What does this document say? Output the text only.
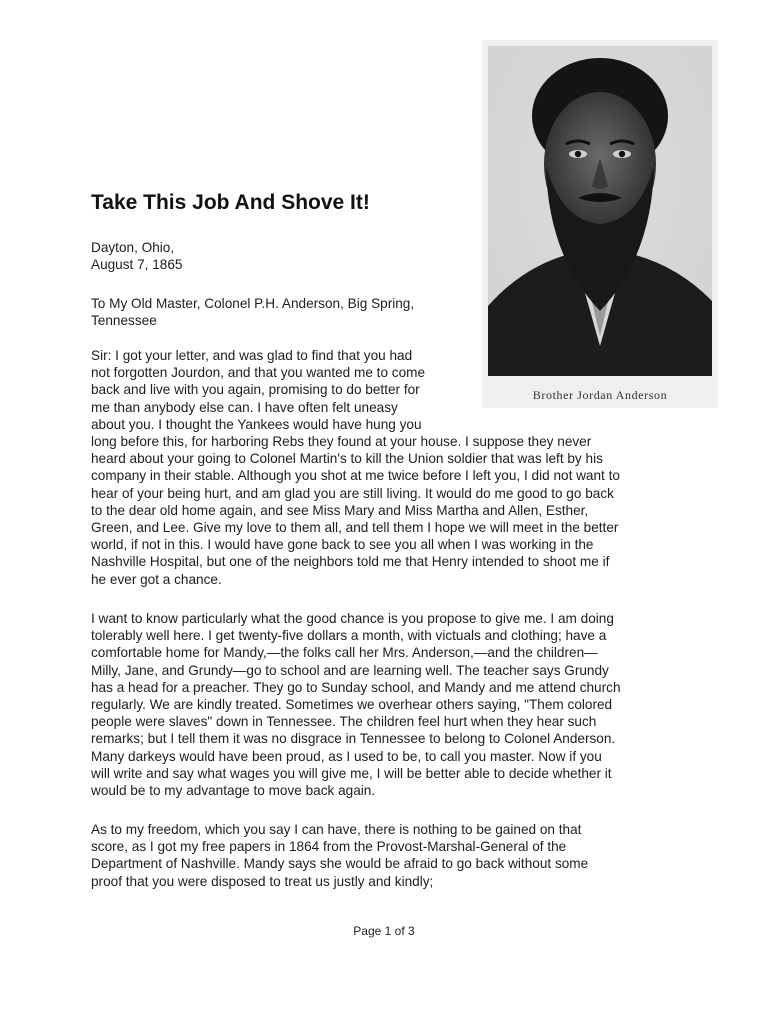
Brother Jordan Anderson
Take This Job And Shove It!

Dayton, Ohio,

August 7, 1865

To My Old Master, Colonel P.H. Anderson, Big Spring,

Tennessee

Sir: I got your letter, and was glad to find that you had

not forgotten Jourdon, and that you wanted me to come

back and live with you again, promising to do better for

me than anybody else can. I have often felt uneasy

about you. I thought the Yankees would have hung you

long before this, for harboring Rebs they found at your house. I suppose they never

heard about your going to Colonel Martin's to kill the Union soldier that was left by his

company in their stable. Although you shot at me twice before I left you, I did not want to

hear of your being hurt, and am glad you are still living. It would do me good to go back

to the dear old home again, and see Miss Mary and Miss Martha and Allen, Esther,

Green, and Lee. Give my love to them all, and tell them I hope we will meet in the better

world, if not in this. I would have gone back to see you all when I was working in the

Nashville Hospital, but one of the neighbors told me that Henry intended to shoot me if

he ever got a chance.

I want to know particularly what the good chance is you propose to give me. I am doing

tolerably well here. I get twenty-five dollars a month, with victuals and clothing; have a

comfortable home for Mandy,—the folks call her Mrs. Anderson,—and the children—

Milly, Jane, and Grundy—go to school and are learning well. The teacher says Grundy

has a head for a preacher. They go to Sunday school, and Mandy and me attend church

regularly. We are kindly treated. Sometimes we overhear others saying, "Them colored

people were slaves" down in Tennessee. The children feel hurt when they hear such

remarks; but I tell them it was no disgrace in Tennessee to belong to Colonel Anderson.

Many darkeys would have been proud, as I used to be, to call you master. Now if you

will write and say what wages you will give me, I will be better able to decide whether it

would be to my advantage to move back again.

As to my freedom, which you say I can have, there is nothing to be gained on that

score, as I got my free papers in 1864 from the Provost-Marshal-General of the

Department of Nashville. Mandy says she would be afraid to go back without some

proof that you were disposed to treat us justly and kindly;

Page 1 of 3
